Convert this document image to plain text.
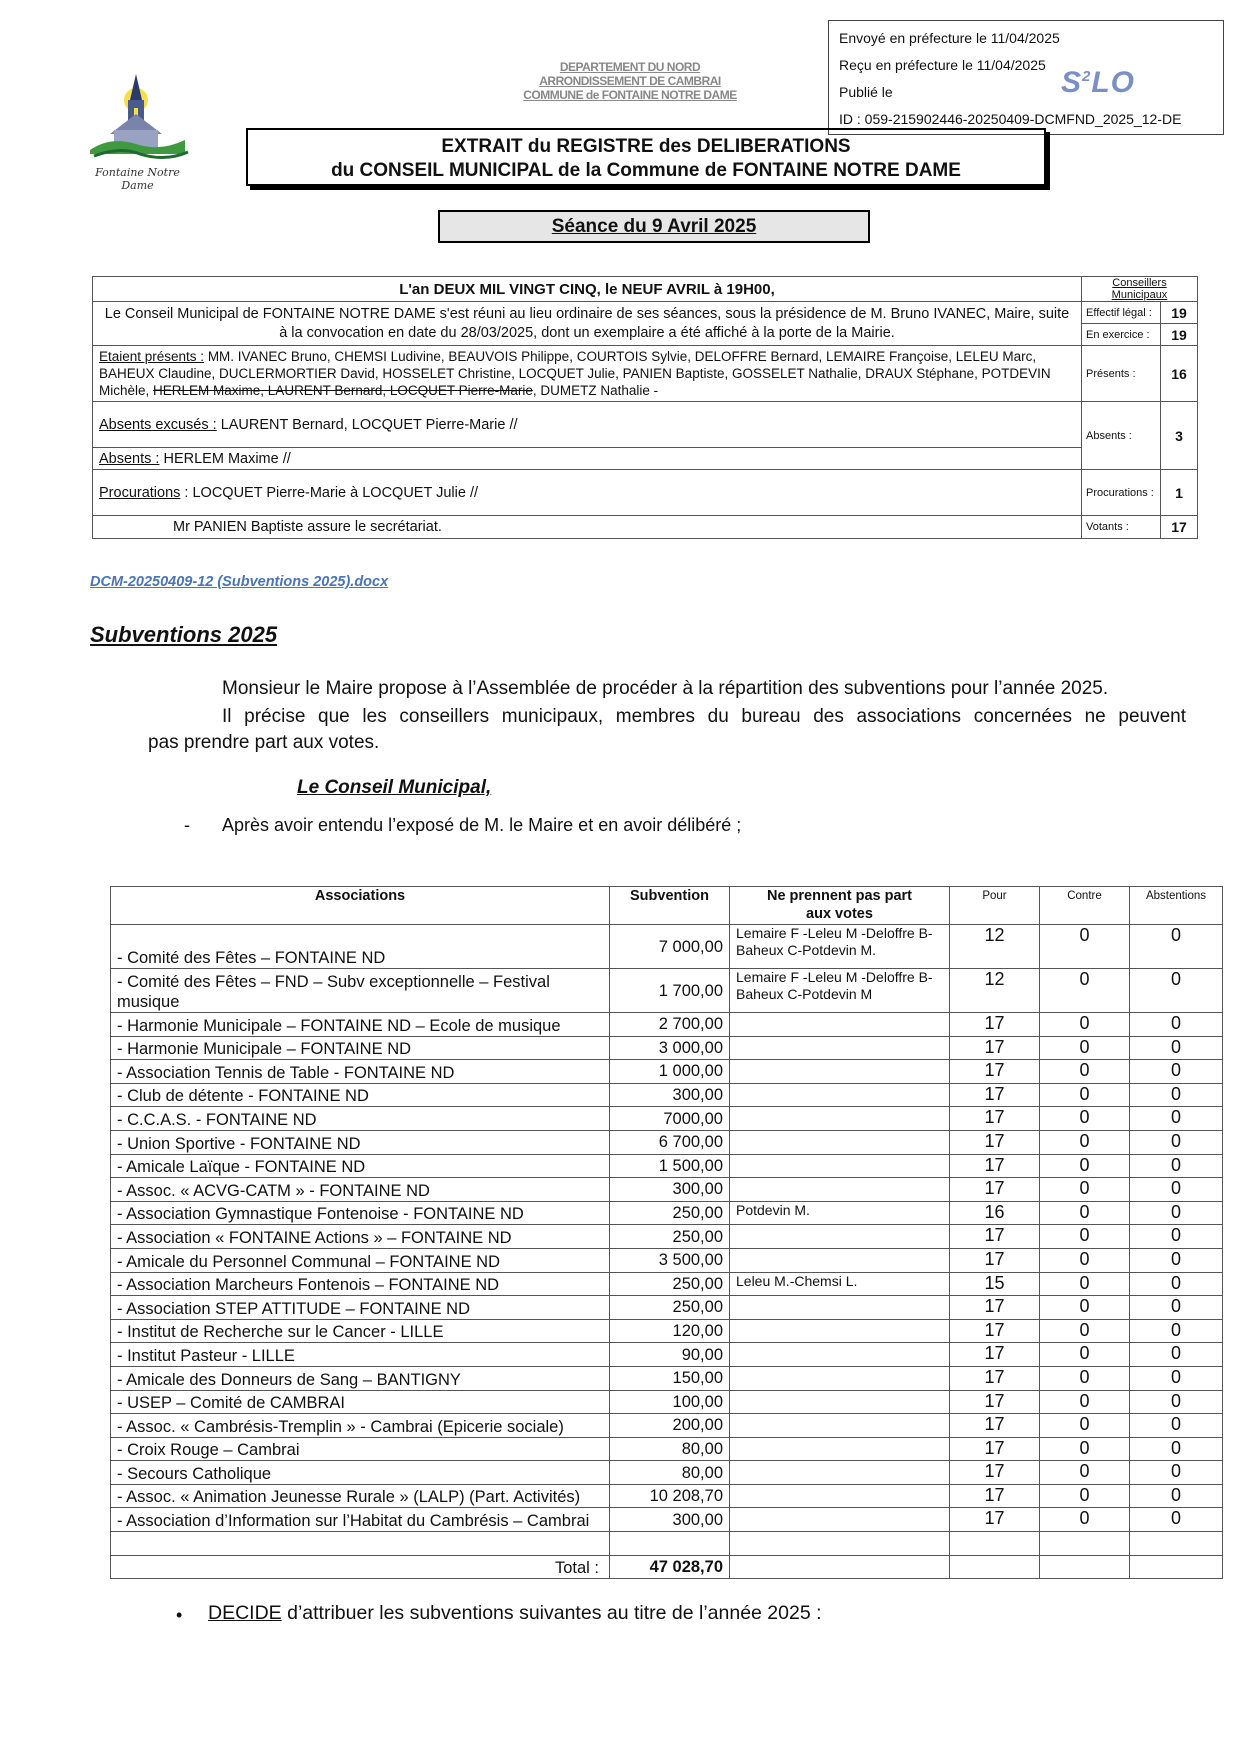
Envoyé en préfecture le 11/04/2025
Reçu en préfecture le 11/04/2025
Publié le
ID : 059-215902446-20250409-DCMFND_2025_12-DE
$S^2LO$
Fontaine Notre Dame
DEPARTEMENT DU NORD
ARRONDISSEMENT DE CAMBRAI
COMMUNE de FONTAINE NOTRE DAME
EXTRAIT du REGISTRE des DELIBERATIONS
du CONSEIL MUNICIPAL de la Commune de FONTAINE NOTRE DAME
Séance du 9 Avril 2025
L'an DEUX MIL VINGT CINQ, le NEUF AVRIL à 19H00,	Conseillers Municipaux	
Le Conseil Municipal de FONTAINE NOTRE DAME s'est réuni au lieu ordinaire de ses séances, sous la présidence de M. Bruno IVANEC, Maire, suite à la convocation en date du 28/03/2025, dont un exemplaire a été affiché à la porte de la Mairie.	Effectif légal :	19
	En exercice :	19
Etaient présents : MM. IVANEC Bruno, CHEMSI Ludivine, BEAUVOIS Philippe, COURTOIS Sylvie, DELOFFRE Bernard, LEMAIRE Françoise, LELEU Marc, BAHEUX Claudine, DUCLERMORTIER David, HOSSELET Christine, LOCQUET Julie, PANIEN Baptiste, GOSSELET Nathalie, DRAUX Stéphane, POTDEVIN Michèle, HERLEM Maxime, LAURENT Bernard, LOCQUET Pierre-Marie, DUMETZ Nathalie -	Présents :	16
Absents excusés : LAURENT Bernard, LOCQUET Pierre-Marie //	Absents :	3
Absents : HERLEM Maxime //		
Procurations : LOCQUET Pierre-Marie à LOCQUET Julie //	Procurations :	1
Mr PANIEN Baptiste assure le secrétariat.	Votants :	17
DCM-20250409-12 (Subventions 2025).docx
Subventions 2025
Monsieur le Maire propose à l’Assemblée de procéder à la répartition des subventions pour l’année 2025.
Il précise que les conseillers municipaux, membres du bureau des associations concernées ne peuvent
pas prendre part aux votes.
Le Conseil Municipal,
- Après avoir entendu l’exposé de M. le Maire et en avoir délibéré ;
Associations	Subvention	Ne prennent pas part
aux votes	Pour	Contre	Abstentions
- Comité des Fêtes – FONTAINE ND	7 000,00	Lemaire F -Leleu M -Deloffre B-Baheux C-Potdevin M.	12	0	0
- Comité des Fêtes – FND – Subv exceptionnelle – Festival musique	1 700,00	Lemaire F -Leleu M -Deloffre B-Baheux C-Potdevin M	12	0	0
- Harmonie Municipale – FONTAINE ND – Ecole de musique	2 700,00		17	0	0
- Harmonie Municipale – FONTAINE ND	3 000,00		17	0	0
- Association Tennis de Table - FONTAINE ND	1 000,00		17	0	0
- Club de détente - FONTAINE ND	300,00		17	0	0
- C.C.A.S. - FONTAINE ND	7000,00		17	0	0
- Union Sportive - FONTAINE ND	6 700,00		17	0	0
- Amicale Laïque - FONTAINE ND	1 500,00		17	0	0
- Assoc. « ACVG-CATM » - FONTAINE ND	300,00		17	0	0
- Association Gymnastique Fontenoise - FONTAINE ND	250,00	Potdevin M.	16	0	0
- Association « FONTAINE Actions » – FONTAINE ND	250,00		17	0	0
- Amicale du Personnel Communal – FONTAINE ND	3 500,00		17	0	0
- Association Marcheurs Fontenois – FONTAINE ND	250,00	Leleu M.-Chemsi L.	15	0	0
- Association STEP ATTITUDE – FONTAINE ND	250,00		17	0	0
- Institut de Recherche sur le Cancer - LILLE	120,00		17	0	0
- Institut Pasteur - LILLE	90,00		17	0	0
- Amicale des Donneurs de Sang – BANTIGNY	150,00		17	0	0
- USEP – Comité de CAMBRAI	100,00		17	0	0
- Assoc. « Cambrésis-Tremplin » - Cambrai (Epicerie sociale)	200,00		17	0	0
- Croix Rouge – Cambrai	80,00		17	0	0
- Secours Catholique	80,00		17	0	0
- Assoc. « Animation Jeunesse Rurale » (LALP) (Part. Activités)	10 208,70		17	0	0
- Association d’Information sur l’Habitat du Cambrésis – Cambrai	300,00		17	0	0

Total :	47 028,70				
• DECIDE d’attribuer les subventions suivantes au titre de l’année 2025 :
